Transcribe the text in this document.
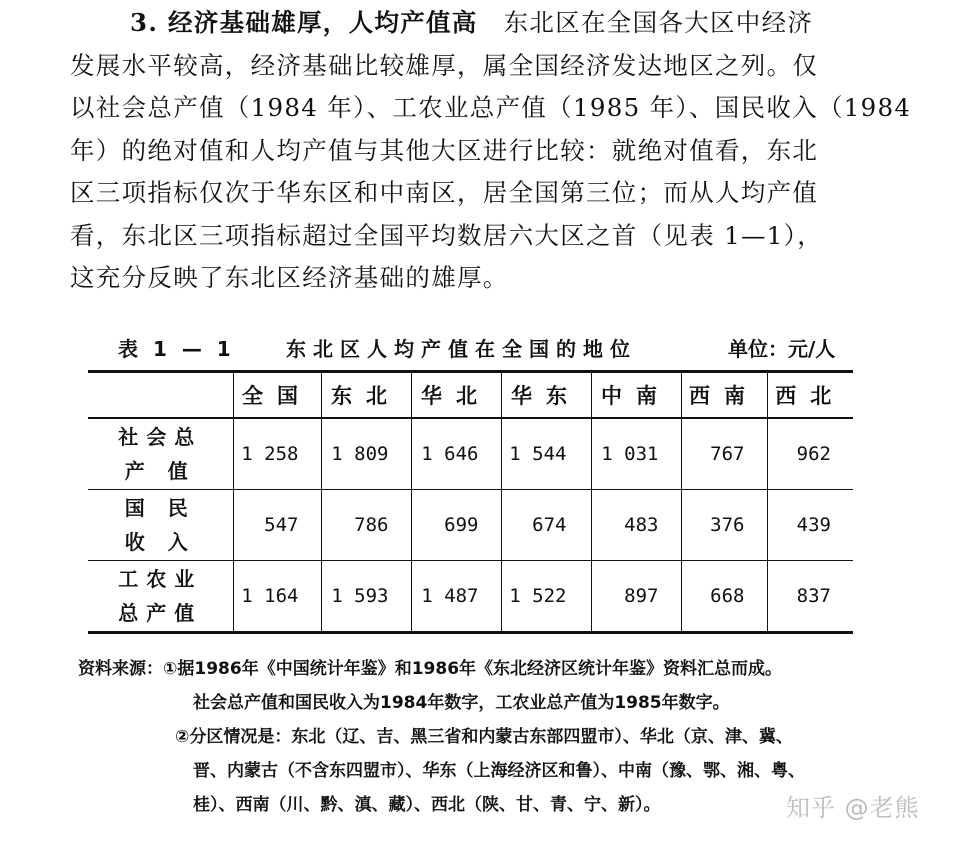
3. 经济基础雄厚，人均产值高 东北区在全国各大区中经济

发展水平较高，经济基础比较雄厚，属全国经济发达地区之列。仅

以社会总产值（1984 年）、工农业总产值（1985 年）、国民收入（1984

年）的绝对值和人均产值与其他大区进行比较：就绝对值看，东北

区三项指标仅次于华东区和中南区，居全国第三位；而从人均产值

看，东北区三项指标超过全国平均数居六大区之首（见表 1—1），

这充分反映了东北区经济基础的雄厚。

表 1 — 1	东北区人均产值在全国的地位	单位：元/人
	全国	东北	华北	华东	中南	西南	西北

社会总
产 值	1 258	1 809	1 646	1 544	1 031	767	962

国 民
收 入	547	786	699	674	483	376	439

工农业
总产值	1 164	1 593	1 487	1 522	897	668	837

资料来源：①据1986年《中国统计年鉴》和1986年《东北经济区统计年鉴》资料汇总而成。

社会总产值和国民收入为1984年数字，工农业总产值为1985年数字。

②分区情况是：东北（辽、吉、黑三省和内蒙古东部四盟市）、华北（京、津、冀、

晋、内蒙古（不含东四盟市）、华东（上海经济区和鲁）、中南（豫、鄂、湘、粤、

桂）、西南（川、黔、滇、藏）、西北（陕、甘、青、宁、新）。	知乎 @老熊
